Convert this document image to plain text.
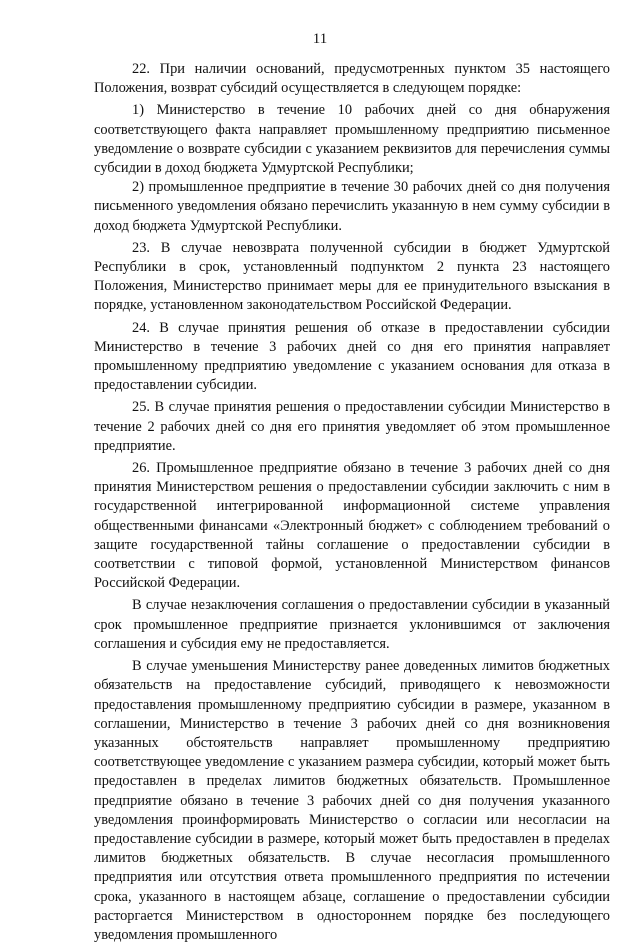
11

22. При наличии оснований, предусмотренных пунктом 35 настоящего Положения, возврат субсидий осуществляется в следующем порядке:

1) Министерство в течение 10 рабочих дней со дня обнаружения соответствующего факта направляет промышленному предприятию письменное уведомление о возврате субсидии с указанием реквизитов для перечисления суммы субсидии в доход бюджета Удмуртской Республики;

2) промышленное предприятие в течение 30 рабочих дней со дня получения письменного уведомления обязано перечислить указанную в нем сумму субсидии в доход бюджета Удмуртской Республики.

23. В случае невозврата полученной субсидии в бюджет Удмуртской Республики в срок, установленный подпунктом 2 пункта 23 настоящего Положения, Министерство принимает меры для ее принудительного взыскания в порядке, установленном законодательством Российской Федерации.

24. В случае принятия решения об отказе в предоставлении субсидии Министерство в течение 3 рабочих дней со дня его принятия направляет промышленному предприятию уведомление с указанием основания для отказа в предоставлении субсидии.

25. В случае принятия решения о предоставлении субсидии Министерство в течение 2 рабочих дней со дня его принятия уведомляет об этом промышленное предприятие.

26. Промышленное предприятие обязано в течение 3 рабочих дней со дня принятия Министерством решения о предоставлении субсидии заключить с ним в государственной интегрированной информационной системе управления общественными финансами «Электронный бюджет» с соблюдением требований о защите государственной тайны соглашение о предоставлении субсидии в соответствии с типовой формой, установленной Министерством финансов Российской Федерации.

В случае незаключения соглашения о предоставлении субсидии в указанный срок промышленное предприятие признается уклонившимся от заключения соглашения и субсидия ему не предоставляется.

В случае уменьшения Министерству ранее доведенных лимитов бюджетных обязательств на предоставление субсидий, приводящего к невозможности предоставления промышленному предприятию субсидии в размере, указанном в соглашении, Министерство в течение 3 рабочих дней со дня возникновения указанных обстоятельств направляет промышленному предприятию соответствующее уведомление с указанием размера субсидии, который может быть предоставлен в пределах лимитов бюджетных обязательств. Промышленное предприятие обязано в течение 3 рабочих дней со дня получения указанного уведомления проинформировать Министерство о согласии или несогласии на предоставление субсидии в размере, который может быть предоставлен в пределах лимитов бюджетных обязательств. В случае несогласия промышленного предприятия или отсутствия ответа промышленного предприятия по истечении срока, указанного в настоящем абзаце, соглашение о предоставлении субсидии расторгается Министерством в одностороннем порядке без последующего уведомления промышленного
